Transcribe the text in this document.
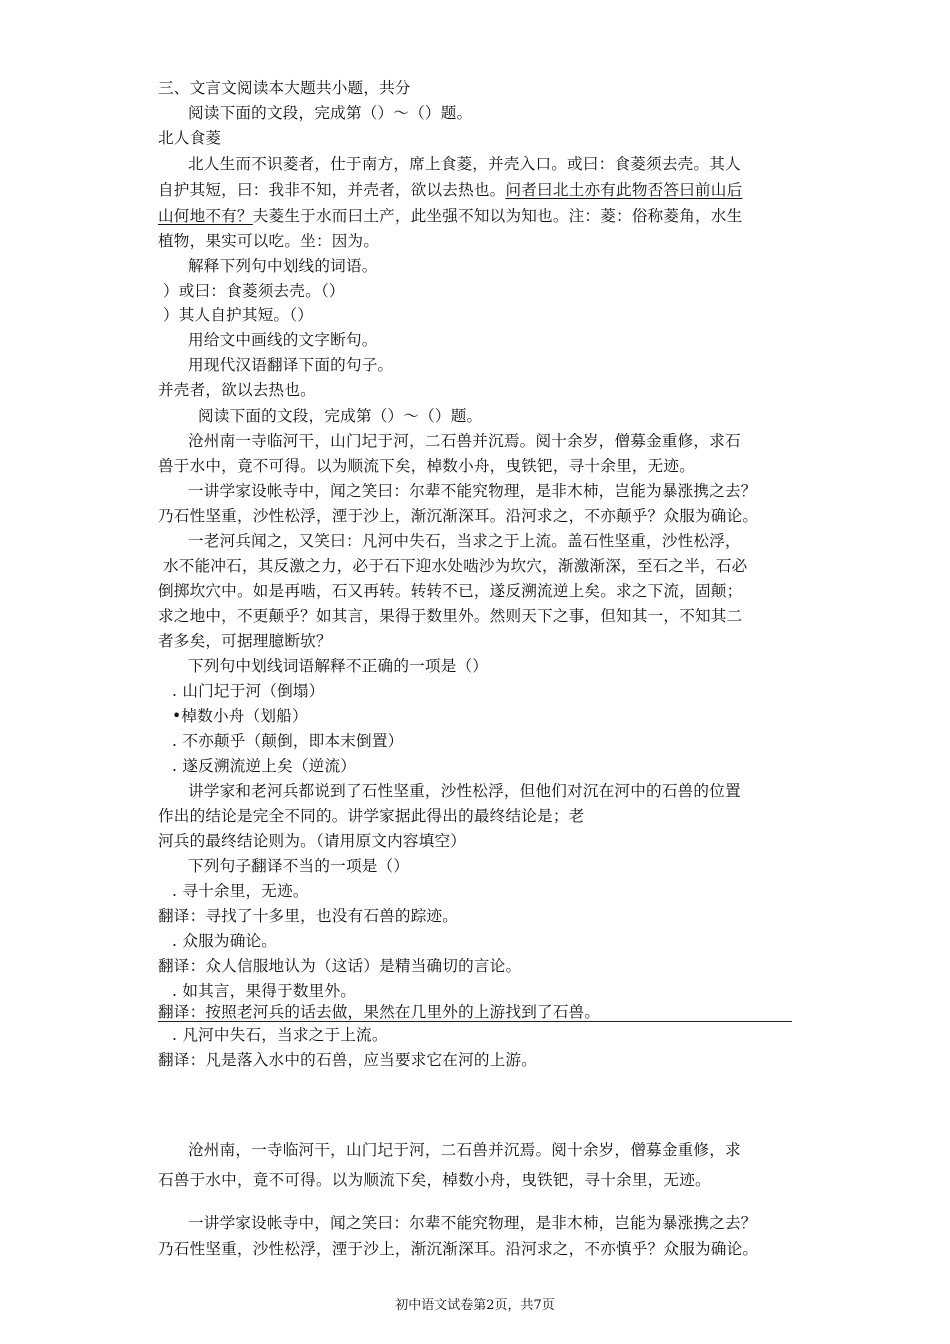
三、文言文阅读本大题共小题，共分
阅读下面的文段，完成第（）〜（）题。
北人食菱
北人生而不识菱者，仕于南方，席上食菱，并壳入口。或曰：食菱须去壳。其人
自护其短，曰：我非不知，并壳者，欲以去热也。问者曰北土亦有此物否答曰前山后
山何地不有？夫菱生于水而曰土产，此坐强不知以为知也。注：菱：俗称菱角，水生
植物，果实可以吃。坐：因为。
解释下列句中划线的词语。
）或曰：食菱须去壳。（）
）其人自护其短。（）
用给文中画线的文字断句。
用现代汉语翻译下面的句子。
并壳者，欲以去热也。
阅读下面的文段，完成第（）〜（）题。
沧州南一寺临河干，山门圮于河，二石兽并沉焉。阅十余岁，僧募金重修，求石
兽于水中，竟不可得。以为顺流下矣，棹数小舟，曳铁钯，寻十余里，无迹。
一讲学家设帐寺中，闻之笑曰：尔辈不能究物理，是非木杮，岂能为暴涨携之去？
乃石性坚重，沙性松浮，湮于沙上，渐沉渐深耳。沿河求之，不亦颠乎？众服为确论。
一老河兵闻之，又笑曰：凡河中失石，当求之于上流。盖石性坚重，沙性松浮，
水不能冲石，其反激之力，必于石下迎水处啮沙为坎穴，渐激渐深，至石之半，石必
倒掷坎穴中。如是再啮，石又再转。转转不已，遂反溯流逆上矣。求之下流，固颠；
求之地中，不更颠乎？如其言，果得于数里外。然则天下之事，但知其一，不知其二
者多矣，可据理臆断欤？
下列句中划线词语解释不正确的一项是（）
. 山门圮于河（倒塌）
•棹数小舟（划船）
. 不亦颠乎（颠倒，即本末倒置）
. 遂反溯流逆上矣（逆流）
讲学家和老河兵都说到了石性坚重，沙性松浮，但他们对沉在河中的石兽的位置
作出的结论是完全不同的。讲学家据此得出的最终结论是；老
河兵的最终结论则为。（请用原文内容填空）
下列句子翻译不当的一项是（）
. 寻十余里，无迹。
翻译：寻找了十多里，也没有石兽的踪迹。
. 众服为确论。
翻译：众人信服地认为（这话）是精当确切的言论。
. 如其言，果得于数里外。
翻译：按照老河兵的话去做，果然在几里外的上游找到了石兽。
. 凡河中失石，当求之于上流。
翻译：凡是落入水中的石兽，应当要求它在河的上游。
沧州南，一寺临河干，山门圮于河，二石兽并沉焉。阅十余岁，僧募金重修，求
石兽于水中，竟不可得。以为顺流下矣，棹数小舟，曳铁钯，寻十余里，无迹。
一讲学家设帐寺中，闻之笑曰：尔辈不能究物理，是非木杮，岂能为暴涨携之去？
乃石性坚重，沙性松浮，湮于沙上，渐沉渐深耳。沿河求之，不亦慎乎？众服为确论。
初中语文试卷第2页，共7页
